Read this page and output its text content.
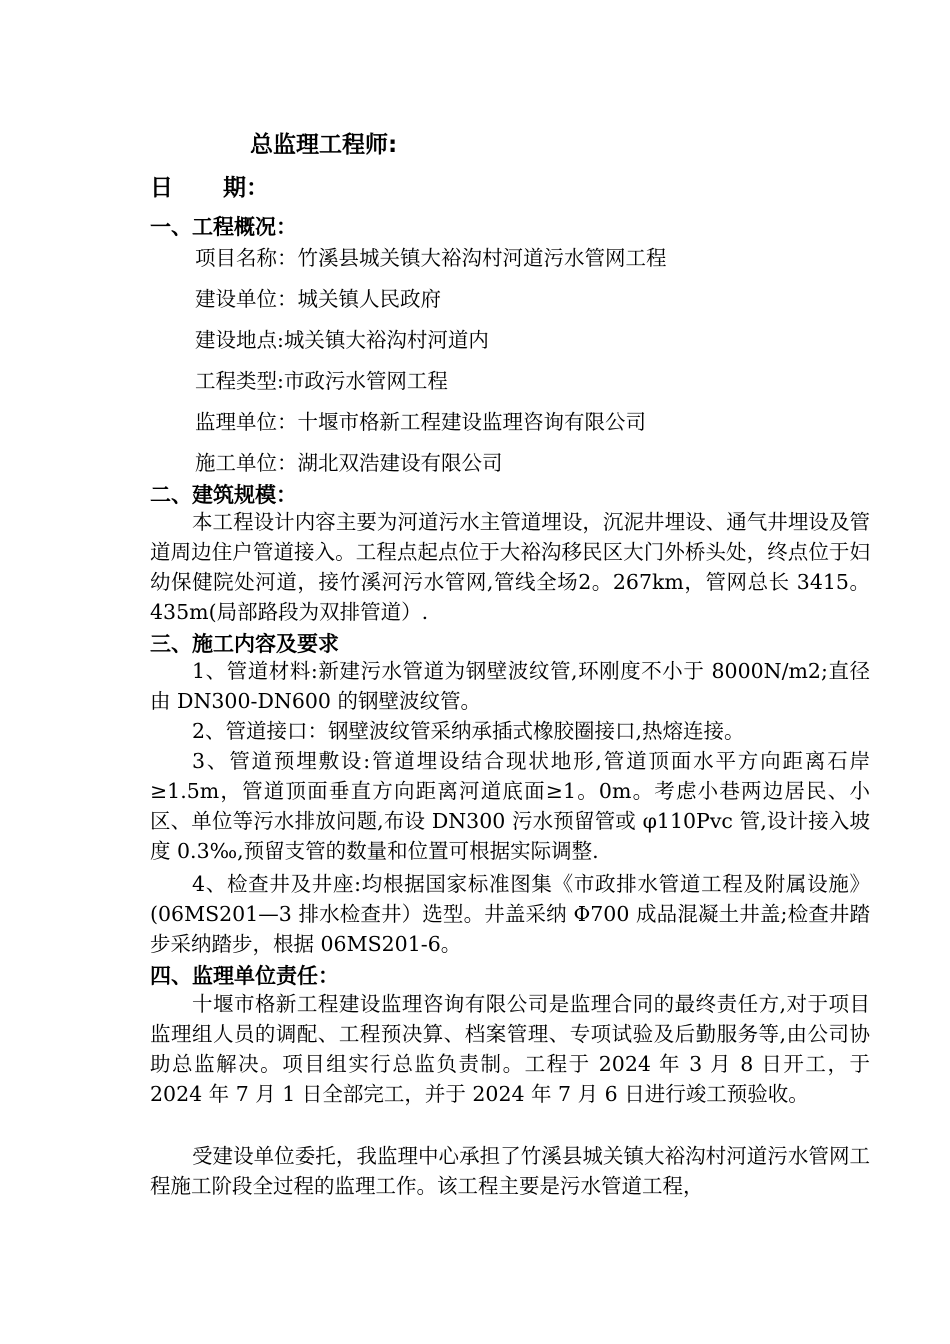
总监理工程师:
日 期：
一、工程概况：
项目名称：竹溪县城关镇大裕沟村河道污水管网工程
建设单位：城关镇人民政府
建设地点:城关镇大裕沟村河道内
工程类型:市政污水管网工程
监理单位：十堰市格新工程建设监理咨询有限公司
施工单位：湖北双浩建设有限公司
二、建筑规模：
本工程设计内容主要为河道污水主管道埋设，沉泥井埋设、通气井埋设及管道周边住户管道接入。工程点起点位于大裕沟移民区大门外桥头处，终点位于妇幼保健院处河道，接竹溪河污水管网,管线全场2。267km，管网总长 3415。435m(局部路段为双排管道）.
三、施工内容及要求
1、管道材料:新建污水管道为钢壁波纹管,环刚度不小于 8000N/m2;直径由 DN300-DN600 的钢壁波纹管。
2、管道接口：钢壁波纹管采纳承插式橡胶圈接口,热熔连接。
3、管道预埋敷设:管道埋设结合现状地形,管道顶面水平方向距离石岸≥1.5m，管道顶面垂直方向距离河道底面≥1。0m。考虑小巷两边居民、小区、单位等污水排放问题,布设 DN300 污水预留管或 φ110Pvc 管,设计接入坡度 0.3‰,预留支管的数量和位置可根据实际调整.
4、检查井及井座:均根据国家标准图集《市政排水管道工程及附属设施》(06MS201—3 排水检查井）选型。井盖采纳 Φ700 成品混凝土井盖;检查井踏步采纳踏步，根据 06MS201-6。
四、监理单位责任：
十堰市格新工程建设监理咨询有限公司是监理合同的最终责任方,对于项目监理组人员的调配、工程预决算、档案管理、专项试验及后勤服务等,由公司协助总监解决。项目组实行总监负责制。工程于 2024 年 3 月 8 日开工，于 2024 年 7 月 1 日全部完工，并于 2024 年 7 月 6 日进行竣工预验收。
受建设单位委托，我监理中心承担了竹溪县城关镇大裕沟村河道污水管网工程施工阶段全过程的监理工作。该工程主要是污水管道工程，
